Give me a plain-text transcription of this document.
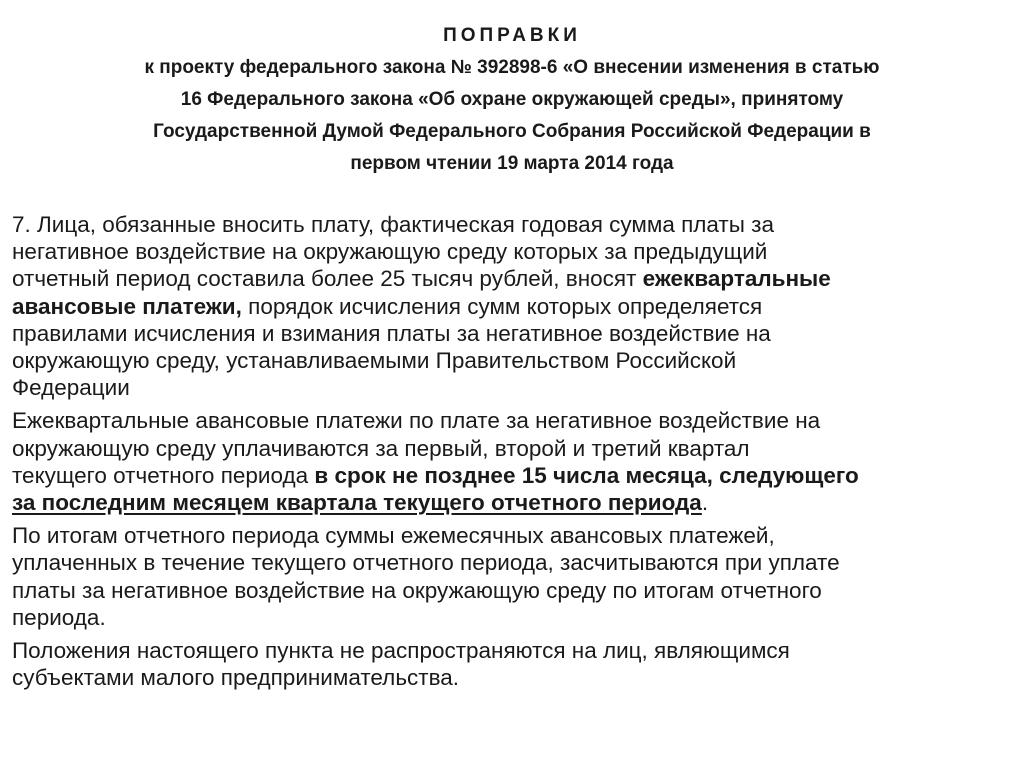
ПОПРАВКИ
к проекту федерального закона № 392898-6 «О внесении изменения в статью
16 Федерального закона «Об охране окружающей среды», принятому
Государственной Думой Федерального Собрания Российской Федерации в
первом чтении 19 марта 2014 года
7. Лица, обязанные вносить плату, фактическая годовая сумма платы за
негативное воздействие на окружающую среду которых за предыдущий
отчетный период составила более 25 тысяч рублей, вносят ежеквартальные
авансовые платежи, порядок исчисления сумм которых определяется
правилами исчисления и взимания платы за негативное воздействие на
окружающую среду, устанавливаемыми Правительством Российской
Федерации
Ежеквартальные авансовые платежи по плате за негативное воздействие на
окружающую среду уплачиваются за первый, второй и третий квартал
текущего отчетного периода в срок не позднее 15 числа месяца, следующего
за последним месяцем квартала текущего отчетного периода.
По итогам отчетного периода суммы ежемесячных авансовых платежей,
уплаченных в течение текущего отчетного периода, засчитываются при уплате
платы за негативное воздействие на окружающую среду по итогам отчетного
периода.
Положения настоящего пункта не распространяются на лиц, являющимся
субъектами малого предпринимательства.
